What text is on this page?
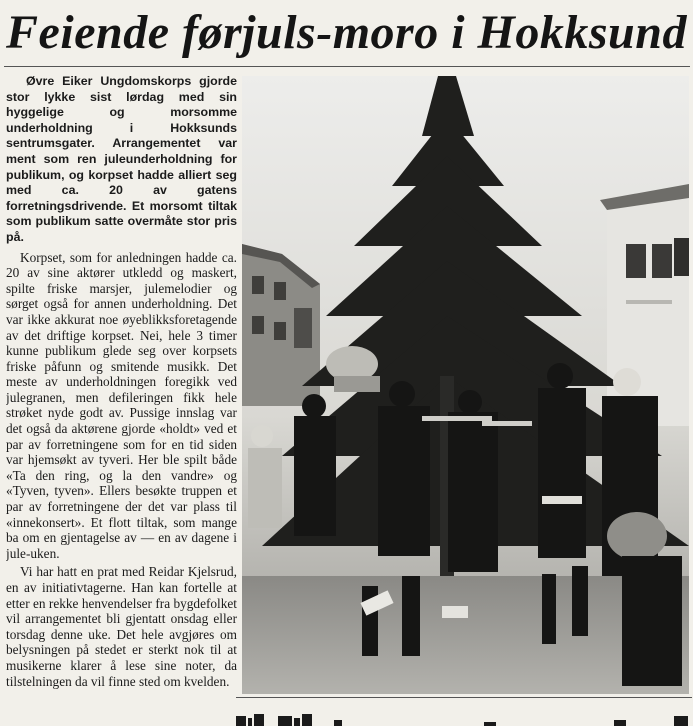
Feiende førjuls-moro i Hokksund

Øvre Eiker Ungdomskorps gjorde stor lykke sist lørdag med sin hyggelige og morsomme underholdning i Hokksunds sentrumsgater. Arrangementet var ment som ren juleunderholdning for publikum, og korpset hadde alliert seg med ca. 20 av gatens forretningsdrivende. Et morsomt tiltak som publikum satte overmåte stor pris på.

Korpset, som for anledningen hadde ca. 20 av sine aktører utkledd og maskert, spilte friske marsjer, julemelodier og sørget også for annen underholdning. Det var ikke akkurat noe øyeblikksforetagende av det driftige korpset. Nei, hele 3 timer kunne publikum glede seg over korpsets friske påfunn og smitende musikk. Det meste av underholdningen foregikk ved julegranen, men defileringen fikk hele strøket nyde godt av. Pussige innslag var det også da aktørene gjorde «holdt» ved et par av forretningene som for en tid siden var hjemsøkt av tyveri. Her ble spilt både «Ta den ring, og la den vandre» og «Tyven, tyven». Ellers besøkte truppen et par av forretningene der det var plass til «innekonsert». Et flott tiltak, som mange ba om en gjentagelse av — en av dagene i jule-uken.

Vi har hatt en prat med Reidar Kjelsrud, en av initiativtagerne. Han kan fortelle at etter en rekke henvendelser fra bygdefolket vil arrangementet bli gjentatt onsdag eller torsdag denne uke. Det hele avgjøres om belysningen på stedet er sterkt nok til at musikerne klarer å lese sine noter, da tilstelningen da vil finne sted om kvelden.
